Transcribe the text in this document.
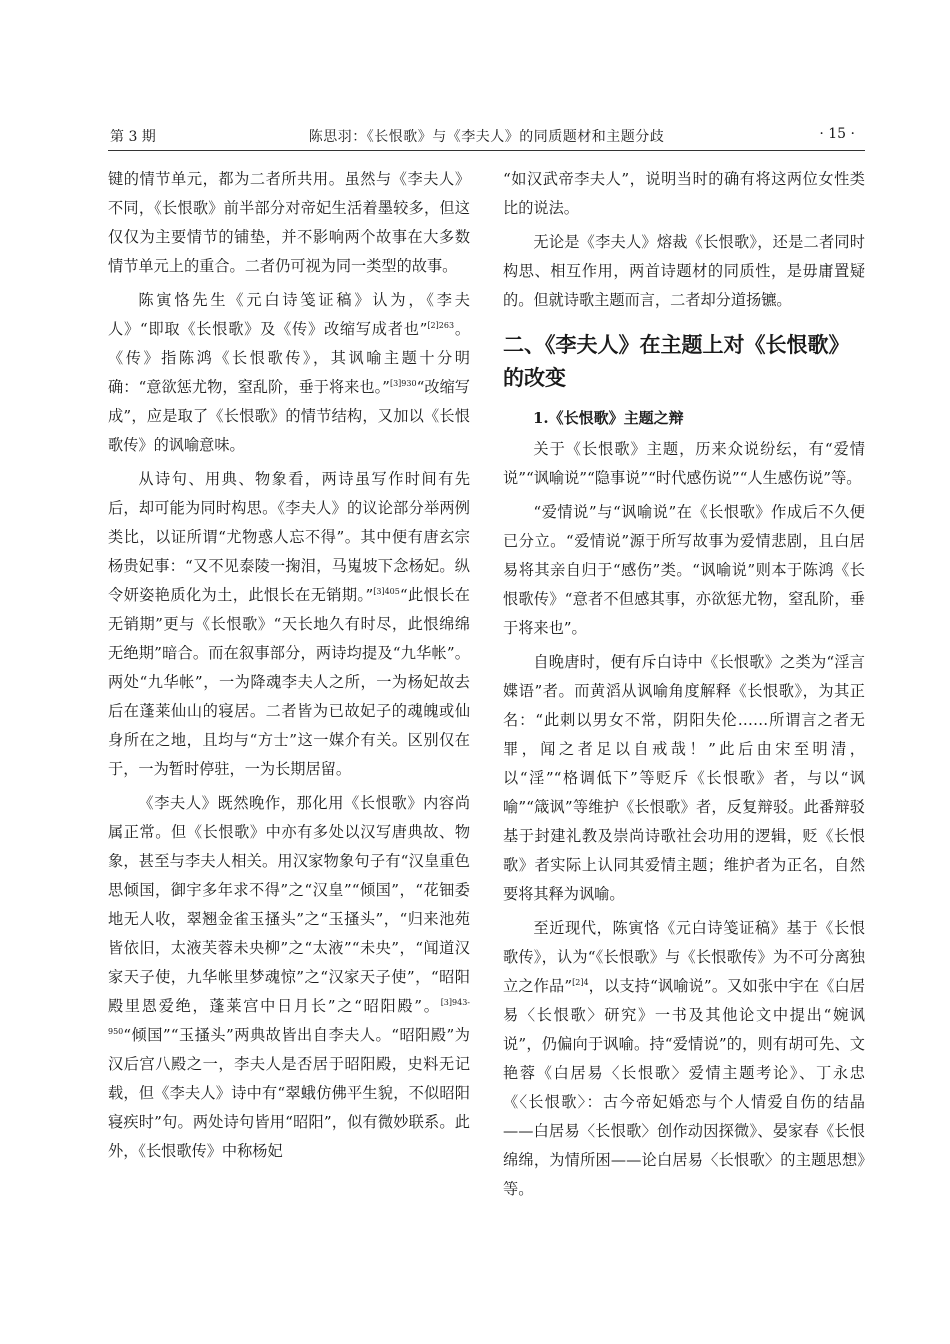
第 3 期	陈思羽：《长恨歌》与《李夫人》的同质题材和主题分歧	· 15 ·

键的情节单元，都为二者所共用。虽然与《李夫人》不同，《长恨歌》前半部分对帝妃生活着墨较多，但这仅仅为主要情节的铺垫，并不影响两个故事在大多数情节单元上的重合。二者仍可视为同一类型的故事。

陈寅恪先生《元白诗笺证稿》认为，《李夫人》“即取《长恨歌》及《传》改缩写成者也”$^{[2]263}$。《传》指陈鸿《长恨歌传》，其讽喻主题十分明确：“意欲惩尤物，窒乱阶，垂于将来也。”$^{[3]930}$“改缩写成”，应是取了《长恨歌》的情节结构，又加以《长恨歌传》的讽喻意味。

从诗句、用典、物象看，两诗虽写作时间有先后，却可能为同时构思。《李夫人》的议论部分举两例类比，以证所谓“尤物惑人忘不得”。其中便有唐玄宗杨贵妃事：“又不见泰陵一掬泪，马嵬坡下念杨妃。纵令妍姿艳质化为土，此恨长在无销期。”$^{[3]405}$“此恨长在无销期”更与《长恨歌》“天长地久有时尽，此恨绵绵无绝期”暗合。而在叙事部分，两诗均提及“九华帐”。两处“九华帐”，一为降魂李夫人之所，一为杨妃故去后在蓬莱仙山的寝居。二者皆为已故妃子的魂魄或仙身所在之地，且均与“方士”这一媒介有关。区别仅在于，一为暂时停驻，一为长期居留。

《李夫人》既然晚作，那化用《长恨歌》内容尚属正常。但《长恨歌》中亦有多处以汉写唐典故、物象，甚至与李夫人相关。用汉家物象句子有“汉皇重色思倾国，御宇多年求不得”之“汉皇”“倾国”，“花钿委地无人收，翠翘金雀玉搔头”之“玉搔头”，“归来池苑皆依旧，太液芙蓉未央柳”之“太液”“未央”，“闻道汉家天子使，九华帐里梦魂惊”之“汉家天子使”，“昭阳殿里恩爱绝，蓬莱宫中日月长”之“昭阳殿”。$^{[3]943-950}$“倾国”“玉搔头”两典故皆出自李夫人。“昭阳殿”为汉后宫八殿之一，李夫人是否居于昭阳殿，史料无记载，但《李夫人》诗中有“翠蛾仿佛平生貌，不似昭阳寝疾时”句。两处诗句皆用“昭阳”，似有微妙联系。此外，《长恨歌传》中称杨妃

“如汉武帝李夫人”，说明当时的确有将这两位女性类比的说法。

无论是《李夫人》熔裁《长恨歌》，还是二者同时构思、相互作用，两首诗题材的同质性，是毋庸置疑的。但就诗歌主题而言，二者却分道扬镳。

二、《李夫人》在主题上对《长恨歌》的改变
1.《长恨歌》主题之辩

关于《长恨歌》主题，历来众说纷纭，有“爱情说”“讽喻说”“隐事说”“时代感伤说”“人生感伤说”等。

“爱情说”与“讽喻说”在《长恨歌》作成后不久便已分立。“爱情说”源于所写故事为爱情悲剧，且白居易将其亲自归于“感伤”类。“讽喻说”则本于陈鸿《长恨歌传》“意者不但感其事，亦欲惩尤物，窒乱阶，垂于将来也”。

自晚唐时，便有斥白诗中《长恨歌》之类为“淫言媟语”者。而黄滔从讽喻角度解释《长恨歌》，为其正名：“此刺以男女不常，阴阳失伦……所谓言之者无罪，闻之者足以自戒哉！”此后由宋至明清，以“淫”“格调低下”等贬斥《长恨歌》者，与以“讽喻”“箴讽”等维护《长恨歌》者，反复辩驳。此番辩驳基于封建礼教及崇尚诗歌社会功用的逻辑，贬《长恨歌》者实际上认同其爱情主题；维护者为正名，自然要将其释为讽喻。

至近现代，陈寅恪《元白诗笺证稿》基于《长恨歌传》，认为“《长恨歌》与《长恨歌传》为不可分离独立之作品”$^{[2]4}$，以支持“讽喻说”。又如张中宇在《白居易〈长恨歌〉研究》一书及其他论文中提出“婉讽说”，仍偏向于讽喻。持“爱情说”的，则有胡可先、文艳蓉《白居易〈长恨歌〉爱情主题考论》、丁永忠《〈长恨歌〉：古今帝妃婚恋与个人情爱自伤的结晶——白居易〈长恨歌〉创作动因探微》、晏家春《长恨绵绵，为情所困——论白居易〈长恨歌〉的主题思想》等。
